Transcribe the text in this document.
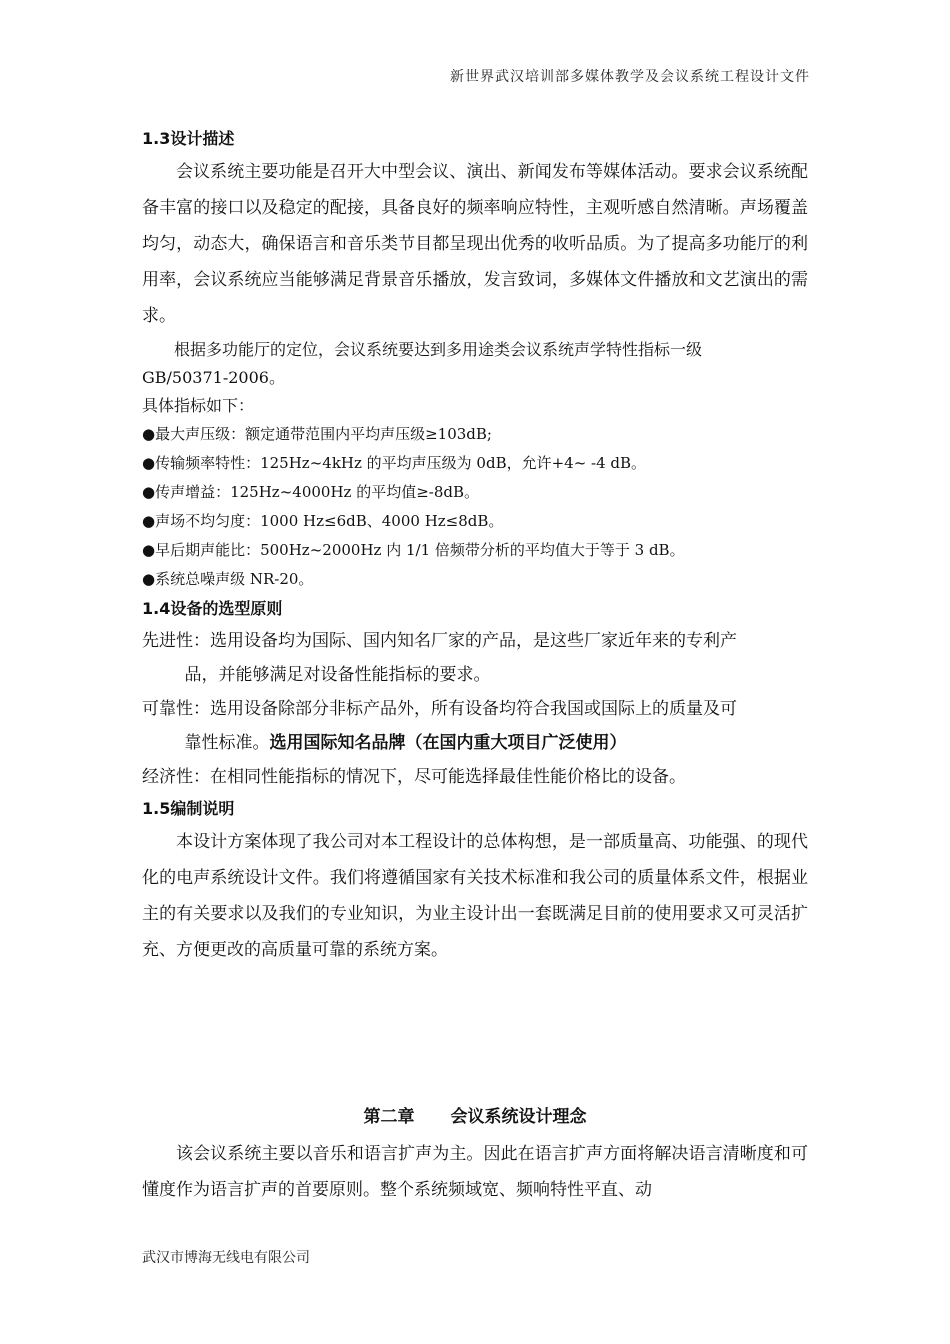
新世界武汉培训部多媒体教学及会议系统工程设计文件
1.3设计描述

会议系统主要功能是召开大中型会议、演出、新闻发布等媒体活动。要求会议系统配备丰富的接口以及稳定的配接，具备良好的频率响应特性，主观听感自然清晰。声场覆盖均匀，动态大，确保语言和音乐类节目都呈现出优秀的收听品质。为了提高多功能厅的利用率，会议系统应当能够满足背景音乐播放，发言致词，多媒体文件播放和文艺演出的需求。

根据多功能厅的定位，会议系统要达到多用途类会议系统声学特性指标一级

GB/50371-2006。

具体指标如下：

●最大声压级：额定通带范围内平均声压级≥103dB;

●传输频率特性：125Hz~4kHz 的平均声压级为 0dB，允许+4~ -4 dB。

●传声增益：125Hz~4000Hz 的平均值≥-8dB。

●声场不均匀度：1000 Hz≤6dB、4000 Hz≤8dB。

●早后期声能比：500Hz~2000Hz 内 1/1 倍频带分析的平均值大于等于 3 dB。

●系统总噪声级 NR-20。

1.4设备的选型原则

先进性：选用设备均为国际、国内知名厂家的产品，是这些厂家近年来的专利产
品，并能够满足对设备性能指标的要求。

可靠性：选用设备除部分非标产品外，所有设备均符合我国或国际上的质量及可
靠性标准。选用国际知名品牌（在国内重大项目广泛使用）

经济性：在相同性能指标的情况下，尽可能选择最佳性能价格比的设备。

1.5编制说明

本设计方案体现了我公司对本工程设计的总体构想，是一部质量高、功能强、的现代化的电声系统设计文件。我们将遵循国家有关技术标准和我公司的质量体系文件，根据业主的有关要求以及我们的专业知识，为业主设计出一套既满足目前的使用要求又可灵活扩充、方便更改的高质量可靠的系统方案。

第二章 会议系统设计理念

该会议系统主要以音乐和语言扩声为主。因此在语言扩声方面将解决语言清晰度和可懂度作为语言扩声的首要原则。整个系统频域宽、频响特性平直、动

武汉市博海无线电有限公司
